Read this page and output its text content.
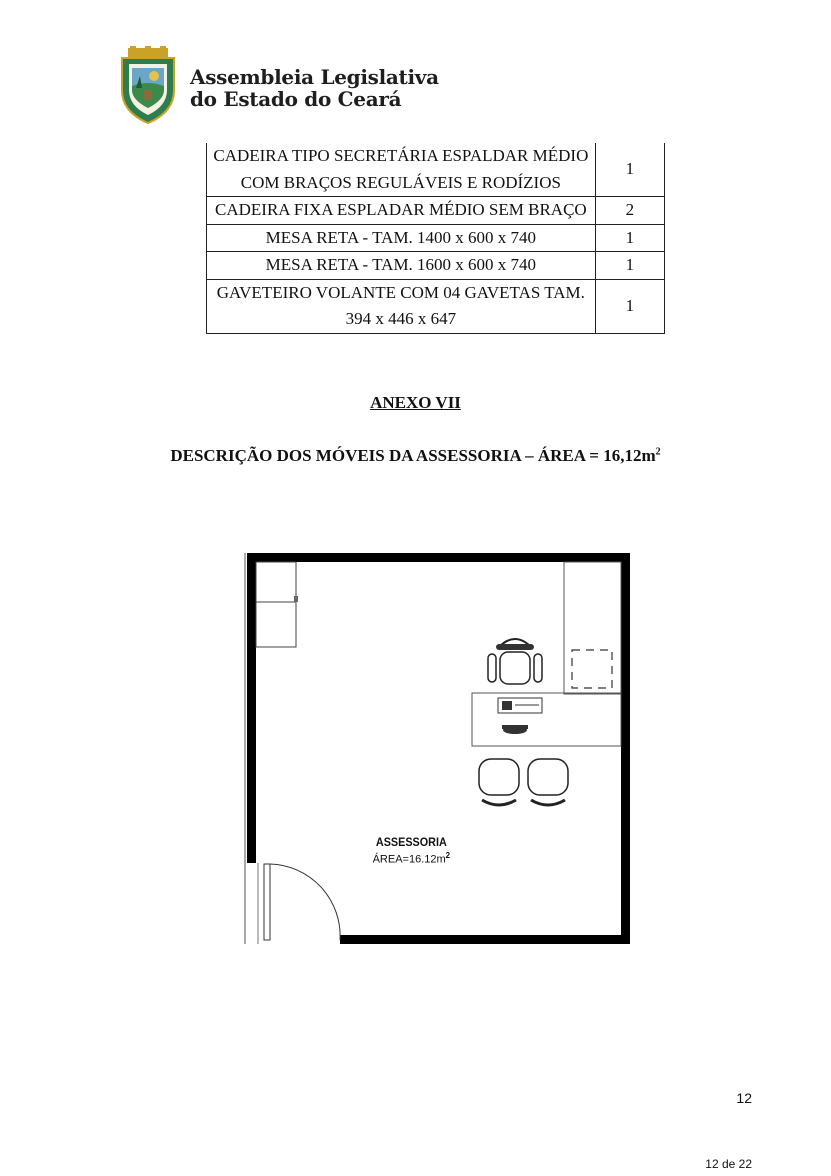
Assembleia Legislativa
do Estado do Ceará
CADEIRA TIPO SECRETÁRIA ESPALDAR MÉDIO COM BRAÇOS REGULÁVEIS E RODÍZIOS	1
CADEIRA FIXA ESPLADAR MÉDIO SEM BRAÇO	2
MESA RETA - TAM. 1400 x 600 x 740	1
MESA RETA - TAM. 1600 x 600 x 740	1
GAVETEIRO VOLANTE COM 04 GAVETAS TAM. 394 x 446 x 647	1
ANEXO VII
DESCRIÇÃO DOS MÓVEIS DA ASSESSORIA – ÁREA = $16,12m^2$
ASSESSORIA
$ÁREA=16.12m^2$
12
12 de 22
